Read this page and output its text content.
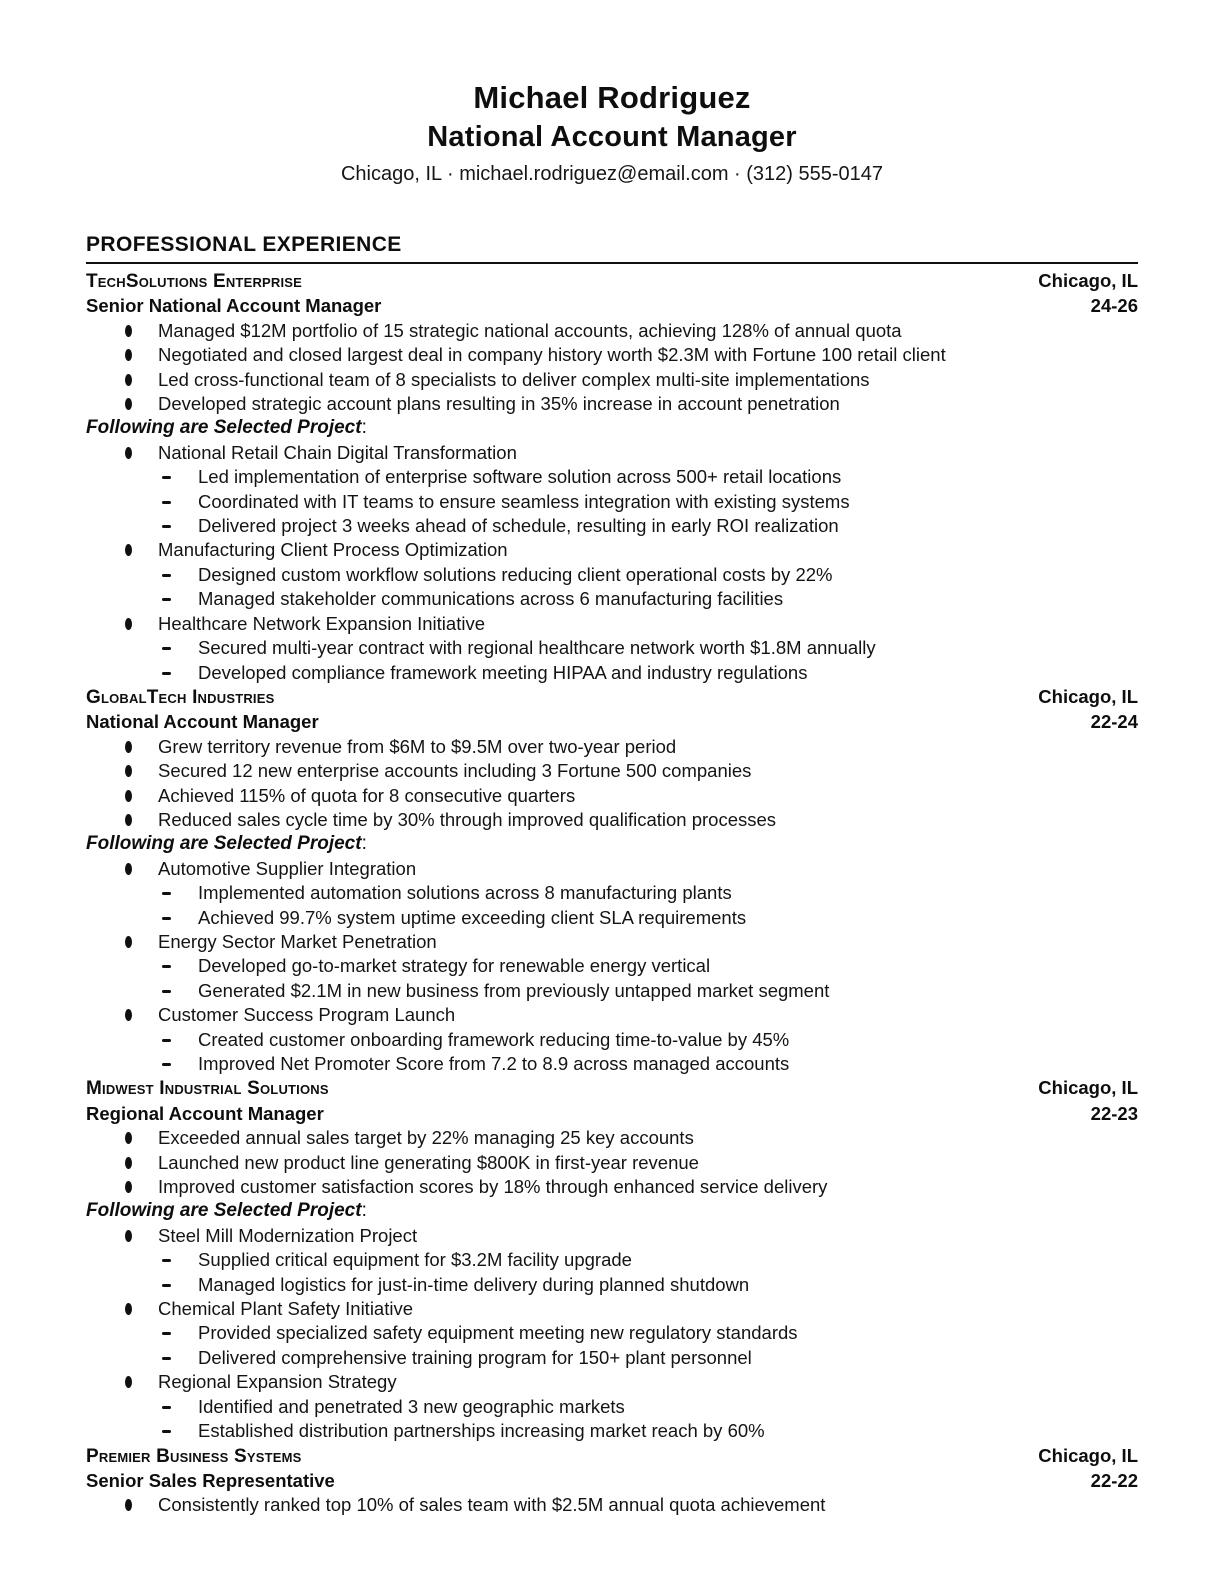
Michael Rodriguez
National Account Manager
Chicago, IL · michael.rodriguez@email.com · (312) 555-0147
PROFESSIONAL EXPERIENCE
TechSolutions Enterprise	Chicago, IL
Senior National Account Manager	24-26
Managed $12M portfolio of 15 strategic national accounts, achieving 128% of annual quota
Negotiated and closed largest deal in company history worth $2.3M with Fortune 100 retail client
Led cross-functional team of 8 specialists to deliver complex multi-site implementations
Developed strategic account plans resulting in 35% increase in account penetration
Following are Selected Project:
National Retail Chain Digital Transformation
Led implementation of enterprise software solution across 500+ retail locations
Coordinated with IT teams to ensure seamless integration with existing systems
Delivered project 3 weeks ahead of schedule, resulting in early ROI realization
Manufacturing Client Process Optimization
Designed custom workflow solutions reducing client operational costs by 22%
Managed stakeholder communications across 6 manufacturing facilities
Healthcare Network Expansion Initiative
Secured multi-year contract with regional healthcare network worth $1.8M annually
Developed compliance framework meeting HIPAA and industry regulations
GlobalTech Industries	Chicago, IL
National Account Manager	22-24
Grew territory revenue from $6M to $9.5M over two-year period
Secured 12 new enterprise accounts including 3 Fortune 500 companies
Achieved 115% of quota for 8 consecutive quarters
Reduced sales cycle time by 30% through improved qualification processes
Following are Selected Project:
Automotive Supplier Integration
Implemented automation solutions across 8 manufacturing plants
Achieved 99.7% system uptime exceeding client SLA requirements
Energy Sector Market Penetration
Developed go-to-market strategy for renewable energy vertical
Generated $2.1M in new business from previously untapped market segment
Customer Success Program Launch
Created customer onboarding framework reducing time-to-value by 45%
Improved Net Promoter Score from 7.2 to 8.9 across managed accounts
Midwest Industrial Solutions	Chicago, IL
Regional Account Manager	22-23
Exceeded annual sales target by 22% managing 25 key accounts
Launched new product line generating $800K in first-year revenue
Improved customer satisfaction scores by 18% through enhanced service delivery
Following are Selected Project:
Steel Mill Modernization Project
Supplied critical equipment for $3.2M facility upgrade
Managed logistics for just-in-time delivery during planned shutdown
Chemical Plant Safety Initiative
Provided specialized safety equipment meeting new regulatory standards
Delivered comprehensive training program for 150+ plant personnel
Regional Expansion Strategy
Identified and penetrated 3 new geographic markets
Established distribution partnerships increasing market reach by 60%
Premier Business Systems	Chicago, IL
Senior Sales Representative	22-22
Consistently ranked top 10% of sales team with $2.5M annual quota achievement
